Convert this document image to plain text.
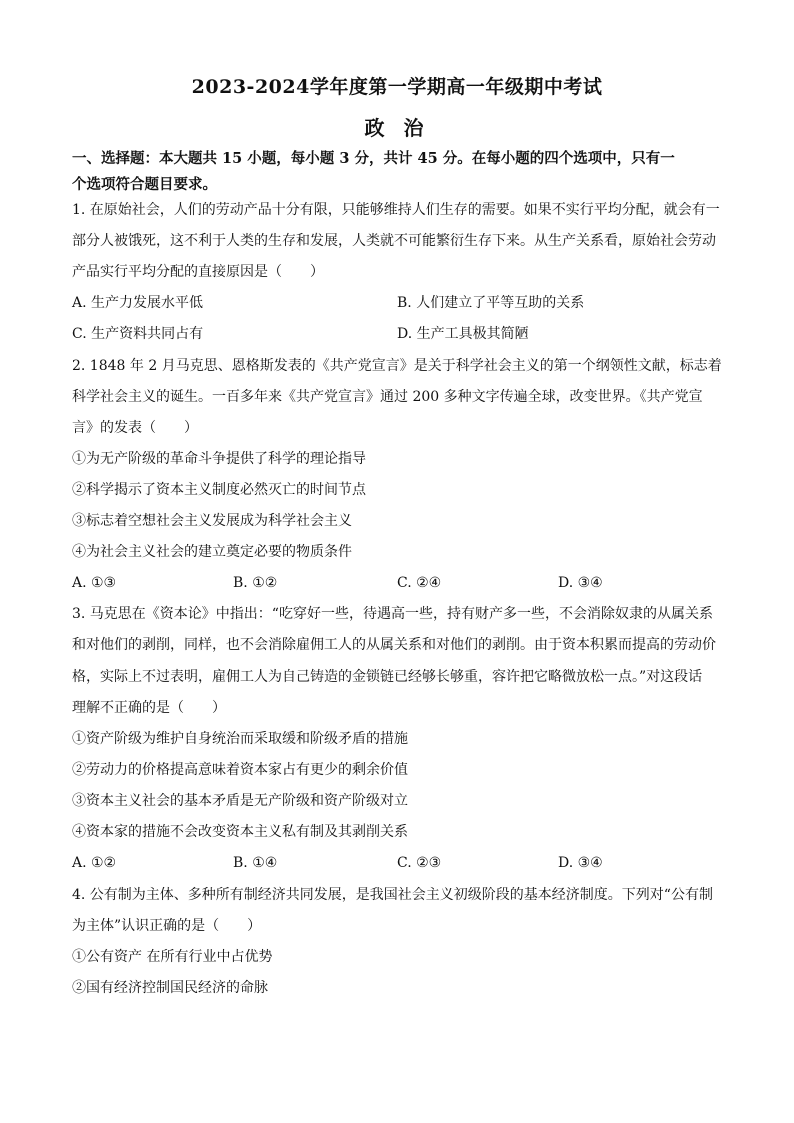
2023-2024学年度第一学期高一年级期中考试
政 治
一、选择题：本大题共 15 小题，每小题 3 分，共计 45 分。在每小题的四个选项中，只有一
个选项符合题目要求。
1. 在原始社会，人们的劳动产品十分有限，只能够维持人们生存的需要。如果不实行平均分配，就会有一
部分人被饿死，这不利于人类的生存和发展，人类就不可能繁衍生存下来。从生产关系看，原始社会劳动
产品实行平均分配的直接原因是（　　）
A. 生产力发展水平低	B. 人们建立了平等互助的关系
C. 生产资料共同占有	D. 生产工具极其简陋
2. 1848 年 2 月马克思、恩格斯发表的《共产党宣言》是关于科学社会主义的第一个纲领性文献，标志着
科学社会主义的诞生。一百多年来《共产党宣言》通过 200 多种文字传遍全球，改变世界。《共产党宣
言》的发表（　　）
①为无产阶级的革命斗争提供了科学的理论指导
②科学揭示了资本主义制度必然灭亡的时间节点
③标志着空想社会主义发展成为科学社会主义
④为社会主义社会的建立奠定必要的物质条件
A. ①③	B. ①②	C. ②④	D. ③④
3. 马克思在《资本论》中指出：“吃穿好一些，待遇高一些，持有财产多一些，不会消除奴隶的从属关系
和对他们的剥削，同样，也不会消除雇佣工人的从属关系和对他们的剥削。由于资本积累而提高的劳动价
格，实际上不过表明，雇佣工人为自己铸造的金锁链已经够长够重，容许把它略微放松一点。”对这段话
理解不正确的是（　　）
①资产阶级为维护自身统治而采取缓和阶级矛盾的措施
②劳动力的价格提高意味着资本家占有更少的剩余价值
③资本主义社会的基本矛盾是无产阶级和资产阶级对立
④资本家的措施不会改变资本主义私有制及其剥削关系
A. ①②	B. ①④	C. ②③	D. ③④
4. 公有制为主体、多种所有制经济共同发展，是我国社会主义初级阶段的基本经济制度。下列对“公有制
为主体”认识正确的是（　　）
①公有资产 在所有行业中占优势
②国有经济控制国民经济的命脉
